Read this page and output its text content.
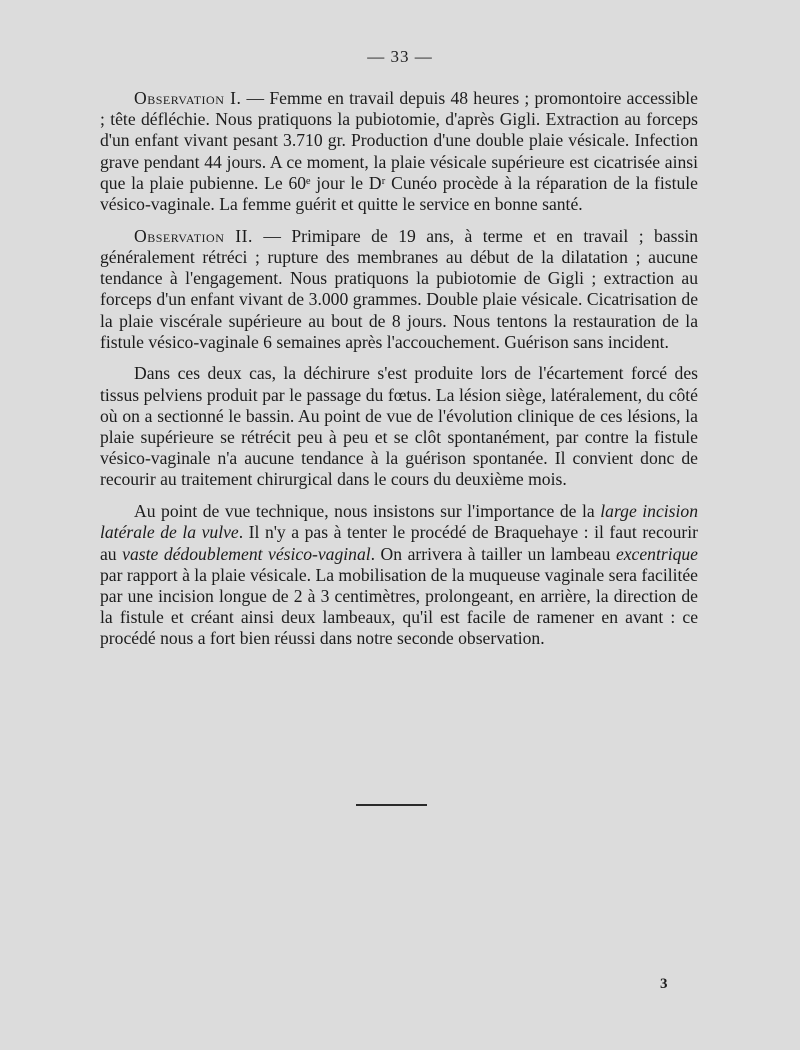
— 33 —

Observation I. — Femme en travail depuis 48 heures ; promontoire accessible ; tête défléchie. Nous pratiquons la pubiotomie, d'après Gigli. Extraction au forceps d'un enfant vivant pesant 3.710 gr. Production d'une double plaie vésicale. Infection grave pendant 44 jours. A ce moment, la plaie vésicale supérieure est cicatrisée ainsi que la plaie pubienne. Le 60ᵉ jour le Dʳ Cunéo procède à la réparation de la fistule vésico-vaginale. La femme guérit et quitte le service en bonne santé.

Observation II. — Primipare de 19 ans, à terme et en travail ; bassin généralement rétréci ; rupture des membranes au début de la dilatation ; aucune tendance à l'engagement. Nous pratiquons la pubiotomie de Gigli ; extraction au forceps d'un enfant vivant de 3.000 grammes. Double plaie vésicale. Cicatrisation de la plaie viscérale supérieure au bout de 8 jours. Nous tentons la restauration de la fistule vésico-vaginale 6 semaines après l'accouchement. Guérison sans incident.

Dans ces deux cas, la déchirure s'est produite lors de l'écartement forcé des tissus pelviens produit par le passage du fœtus. La lésion siège, latéralement, du côté où on a sectionné le bassin. Au point de vue de l'évolution clinique de ces lésions, la plaie supérieure se rétrécit peu à peu et se clôt spontanément, par contre la fistule vésico-vaginale n'a aucune tendance à la guérison spontanée. Il convient donc de recourir au traitement chirurgical dans le cours du deuxième mois.

Au point de vue technique, nous insistons sur l'importance de la large incision latérale de la vulve. Il n'y a pas à tenter le procédé de Braquehaye : il faut recourir au vaste dédoublement vésico-vaginal. On arrivera à tailler un lambeau excentrique par rapport à la plaie vésicale. La mobilisation de la muqueuse vaginale sera facilitée par une incision longue de 2 à 3 centimètres, prolongeant, en arrière, la direction de la fistule et créant ainsi deux lambeaux, qu'il est facile de ramener en avant : ce procédé nous a fort bien réussi dans notre seconde observation.

3
